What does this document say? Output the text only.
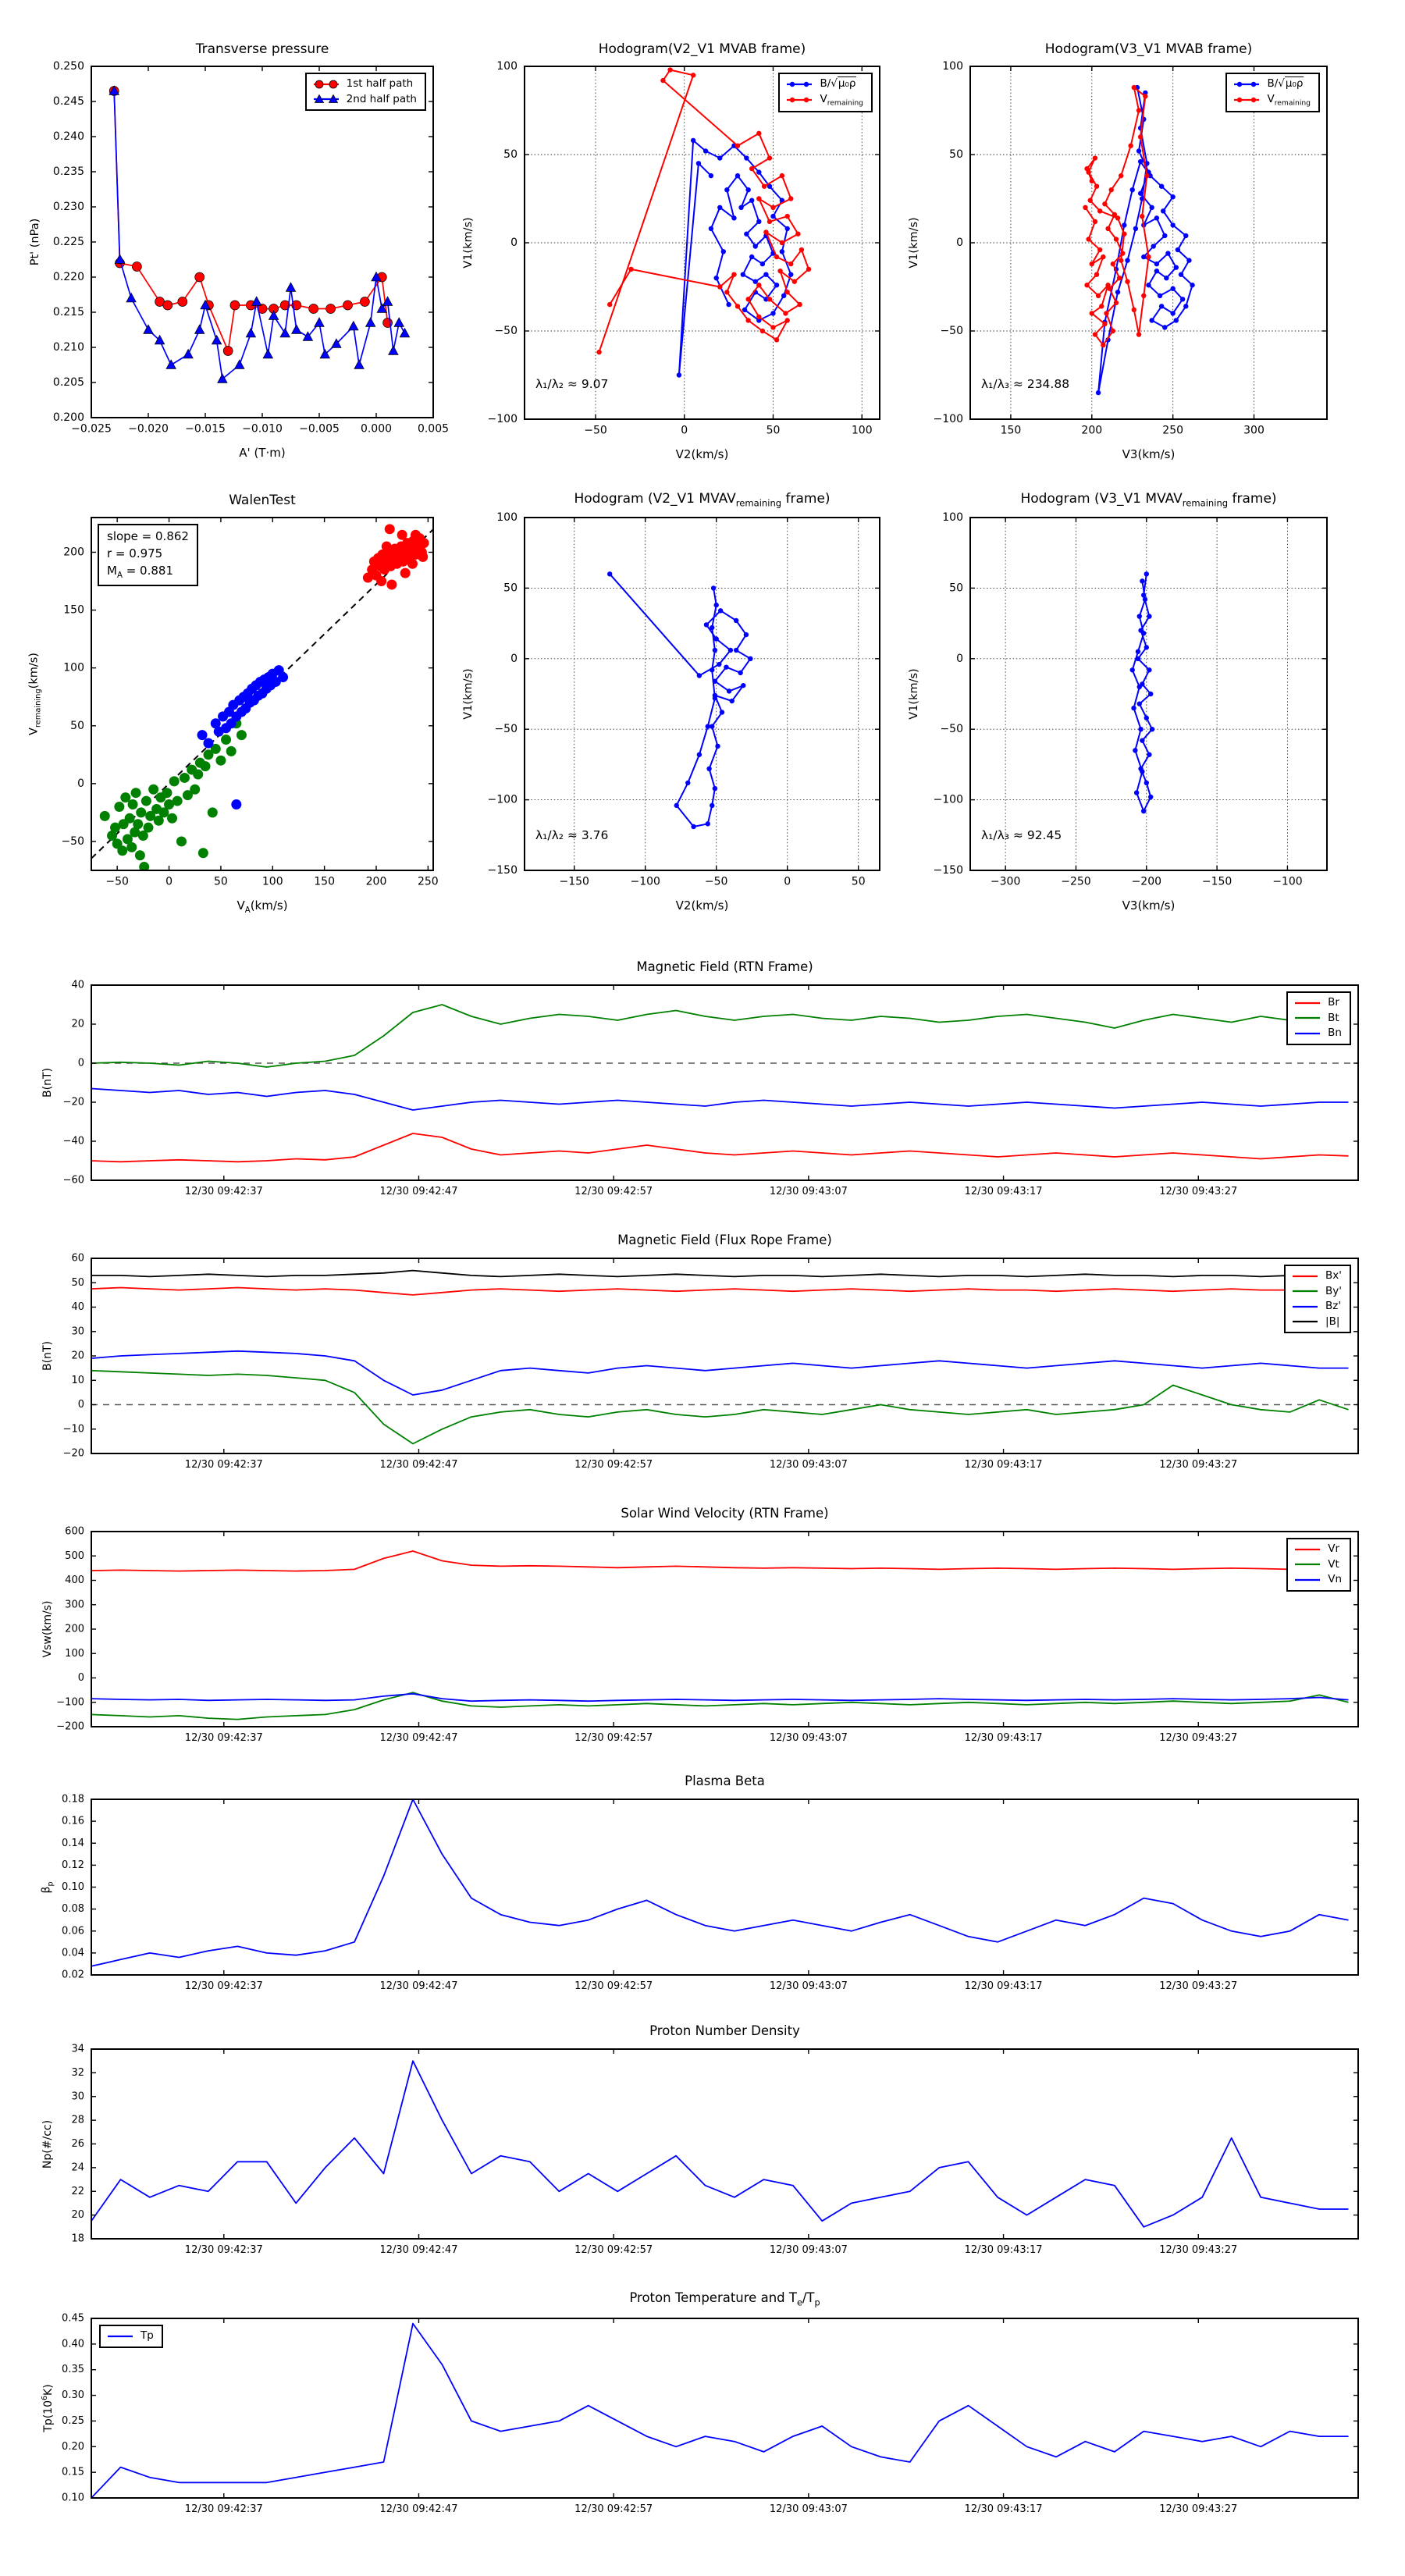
Transverse pressure
Pt' (nPa)
A' (T·m)
−0.025 −0.020 −0.015 −0.010 −0.005 0.000 0.005
0.250
0.245
0.240
0.235
0.230
0.225
0.220
0.215
0.210
0.205
0.200
1st half path
2nd half path
Hodogram(V2_V1 MVAB frame)
V1(km/s)
V2(km/s)
−50	0	50	100
100
50
0
−50
−100
B/√μ₀ρ
$V_{remaining}$
λ₁/λ₂ ≈ 9.07
Hodogram(V3_V1 MVAB frame)
V1(km/s)
V3(km/s)
150	200	250	300
100
50
0
−50
−100
B/√μ₀ρ
$V_{remaining}$
λ₁/λ₃ ≈ 234.88
WalenTest
$V_{remaining}(km/s)$
$V_A(km/s)$
−50	0	50	100	150	200	250
200
150
100
50
0
−50
slope = 0.862
r = 0.975
$M_A = 0.881$
Hodogram (V2_V1 $MVAV_{remaining}$ frame)
V1(km/s)
V2(km/s)
−150	−100	−50	0	50
100
50
0
−50
−100
−150
λ₁/λ₂ ≈ 3.76
Hodogram (V3_V1 $MVAV_{remaining}$ frame)
V1(km/s)
V3(km/s)
−300	−250	−200	−150	−100
100
50
0
−50
−100
−150
λ₁/λ₃ ≈ 92.45
Magnetic Field (RTN Frame)
B(nT)
12/30 09:42:37	12/30 09:42:47	12/30 09:42:57	12/30 09:43:07	12/30 09:43:17	12/30 09:43:27
40
20
0
−20
−40
−60
Br
Bt
Bn
Magnetic Field (Flux Rope Frame)
B(nT)
12/30 09:42:37	12/30 09:42:47	12/30 09:42:57	12/30 09:43:07	12/30 09:43:17	12/30 09:43:27
60
50
40
30
20
10
0
−10
−20
Bx'
By'
Bz'
|B|
Solar Wind Velocity (RTN Frame)
Vsw(km/s)
12/30 09:42:37	12/30 09:42:47	12/30 09:42:57	12/30 09:43:07	12/30 09:43:17	12/30 09:43:27
600
500
400
300
200
100
0
−100
−200
Vr
Vt
Vn
Plasma Beta
$\beta_p$
12/30 09:42:37	12/30 09:42:47	12/30 09:42:57	12/30 09:43:07	12/30 09:43:17	12/30 09:43:27
0.18
0.16
0.14
0.12
0.10
0.08
0.06
0.04
0.02
Proton Number Density
Np(#/cc)
12/30 09:42:37	12/30 09:42:47	12/30 09:42:57	12/30 09:43:07	12/30 09:43:17	12/30 09:43:27
34
32
30
28
26
24
22
20
18
Proton Temperature and $T_e/T_p$
$Tp(10^6K)$
12/30 09:42:37	12/30 09:42:47	12/30 09:42:57	12/30 09:43:07	12/30 09:43:17	12/30 09:43:27
0.45
0.40
0.35
0.30
0.25
0.20
0.15
0.10
Tp
